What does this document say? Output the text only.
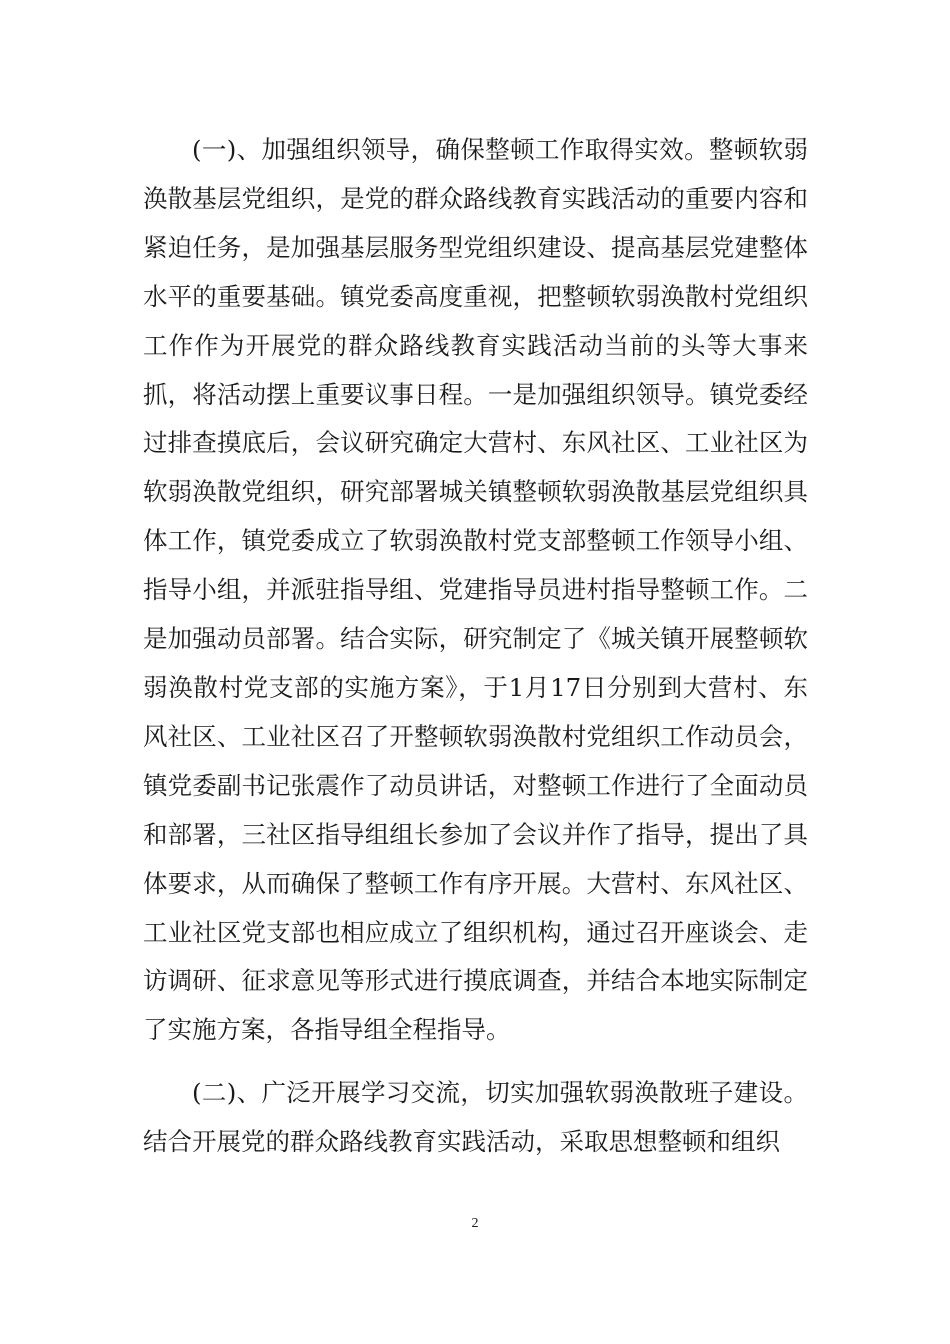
(一)、加强组织领导，确保整顿工作取得实效。整顿软弱涣散基层党组织，是党的群众路线教育实践活动的重要内容和紧迫任务，是加强基层服务型党组织建设、提高基层党建整体水平的重要基础。镇党委高度重视，把整顿软弱涣散村党组织工作作为开展党的群众路线教育实践活动当前的头等大事来抓，将活动摆上重要议事日程。一是加强组织领导。镇党委经过排查摸底后，会议研究确定大营村、东风社区、工业社区为软弱涣散党组织，研究部署城关镇整顿软弱涣散基层党组织具体工作，镇党委成立了软弱涣散村党支部整顿工作领导小组、指导小组，并派驻指导组、党建指导员进村指导整顿工作。二是加强动员部署。结合实际，研究制定了《城关镇开展整顿软弱涣散村党支部的实施方案》，于1月17日分别到大营村、东风社区、工业社区召了开整顿软弱涣散村党组织工作动员会，镇党委副书记张震作了动员讲话，对整顿工作进行了全面动员和部署，三社区指导组组长参加了会议并作了指导，提出了具体要求，从而确保了整顿工作有序开展。大营村、东风社区、工业社区党支部也相应成立了组织机构，通过召开座谈会、走访调研、征求意见等形式进行摸底调查，并结合本地实际制定了实施方案，各指导组全程指导。

(二)、广泛开展学习交流，切实加强软弱涣散班子建设。结合开展党的群众路线教育实践活动，采取思想整顿和组织

2
